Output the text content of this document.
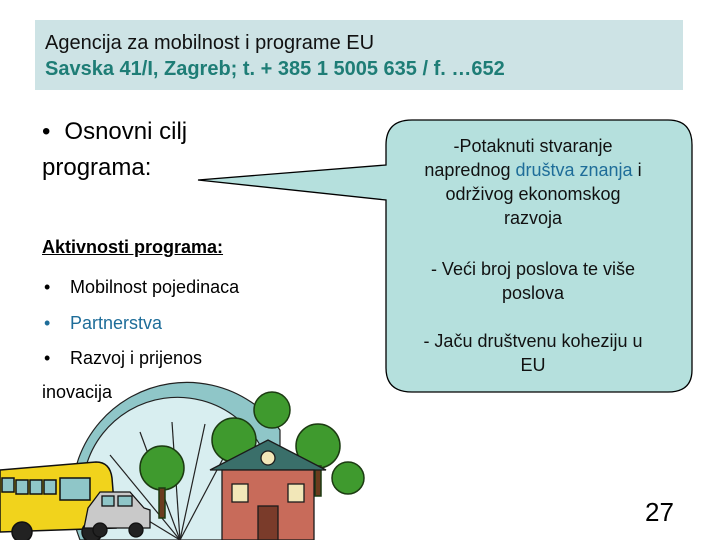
Agencija za mobilnost i programe EU
Savska 41/I, Zagreb; t. + 385 1 5005 635 / f. …652
• Osnovni cilj
programa:
-Potaknuti stvaranje
naprednog društva znanja i
održivog ekonomskog
razvoja
- Veći broj poslova te više
poslova
- Jaču društvenu koheziju u
EU
Aktivnosti programa:
• Mobilnost pojedinaca
• Partnerstva
• Razvoj i prijenos
inovacija
27
